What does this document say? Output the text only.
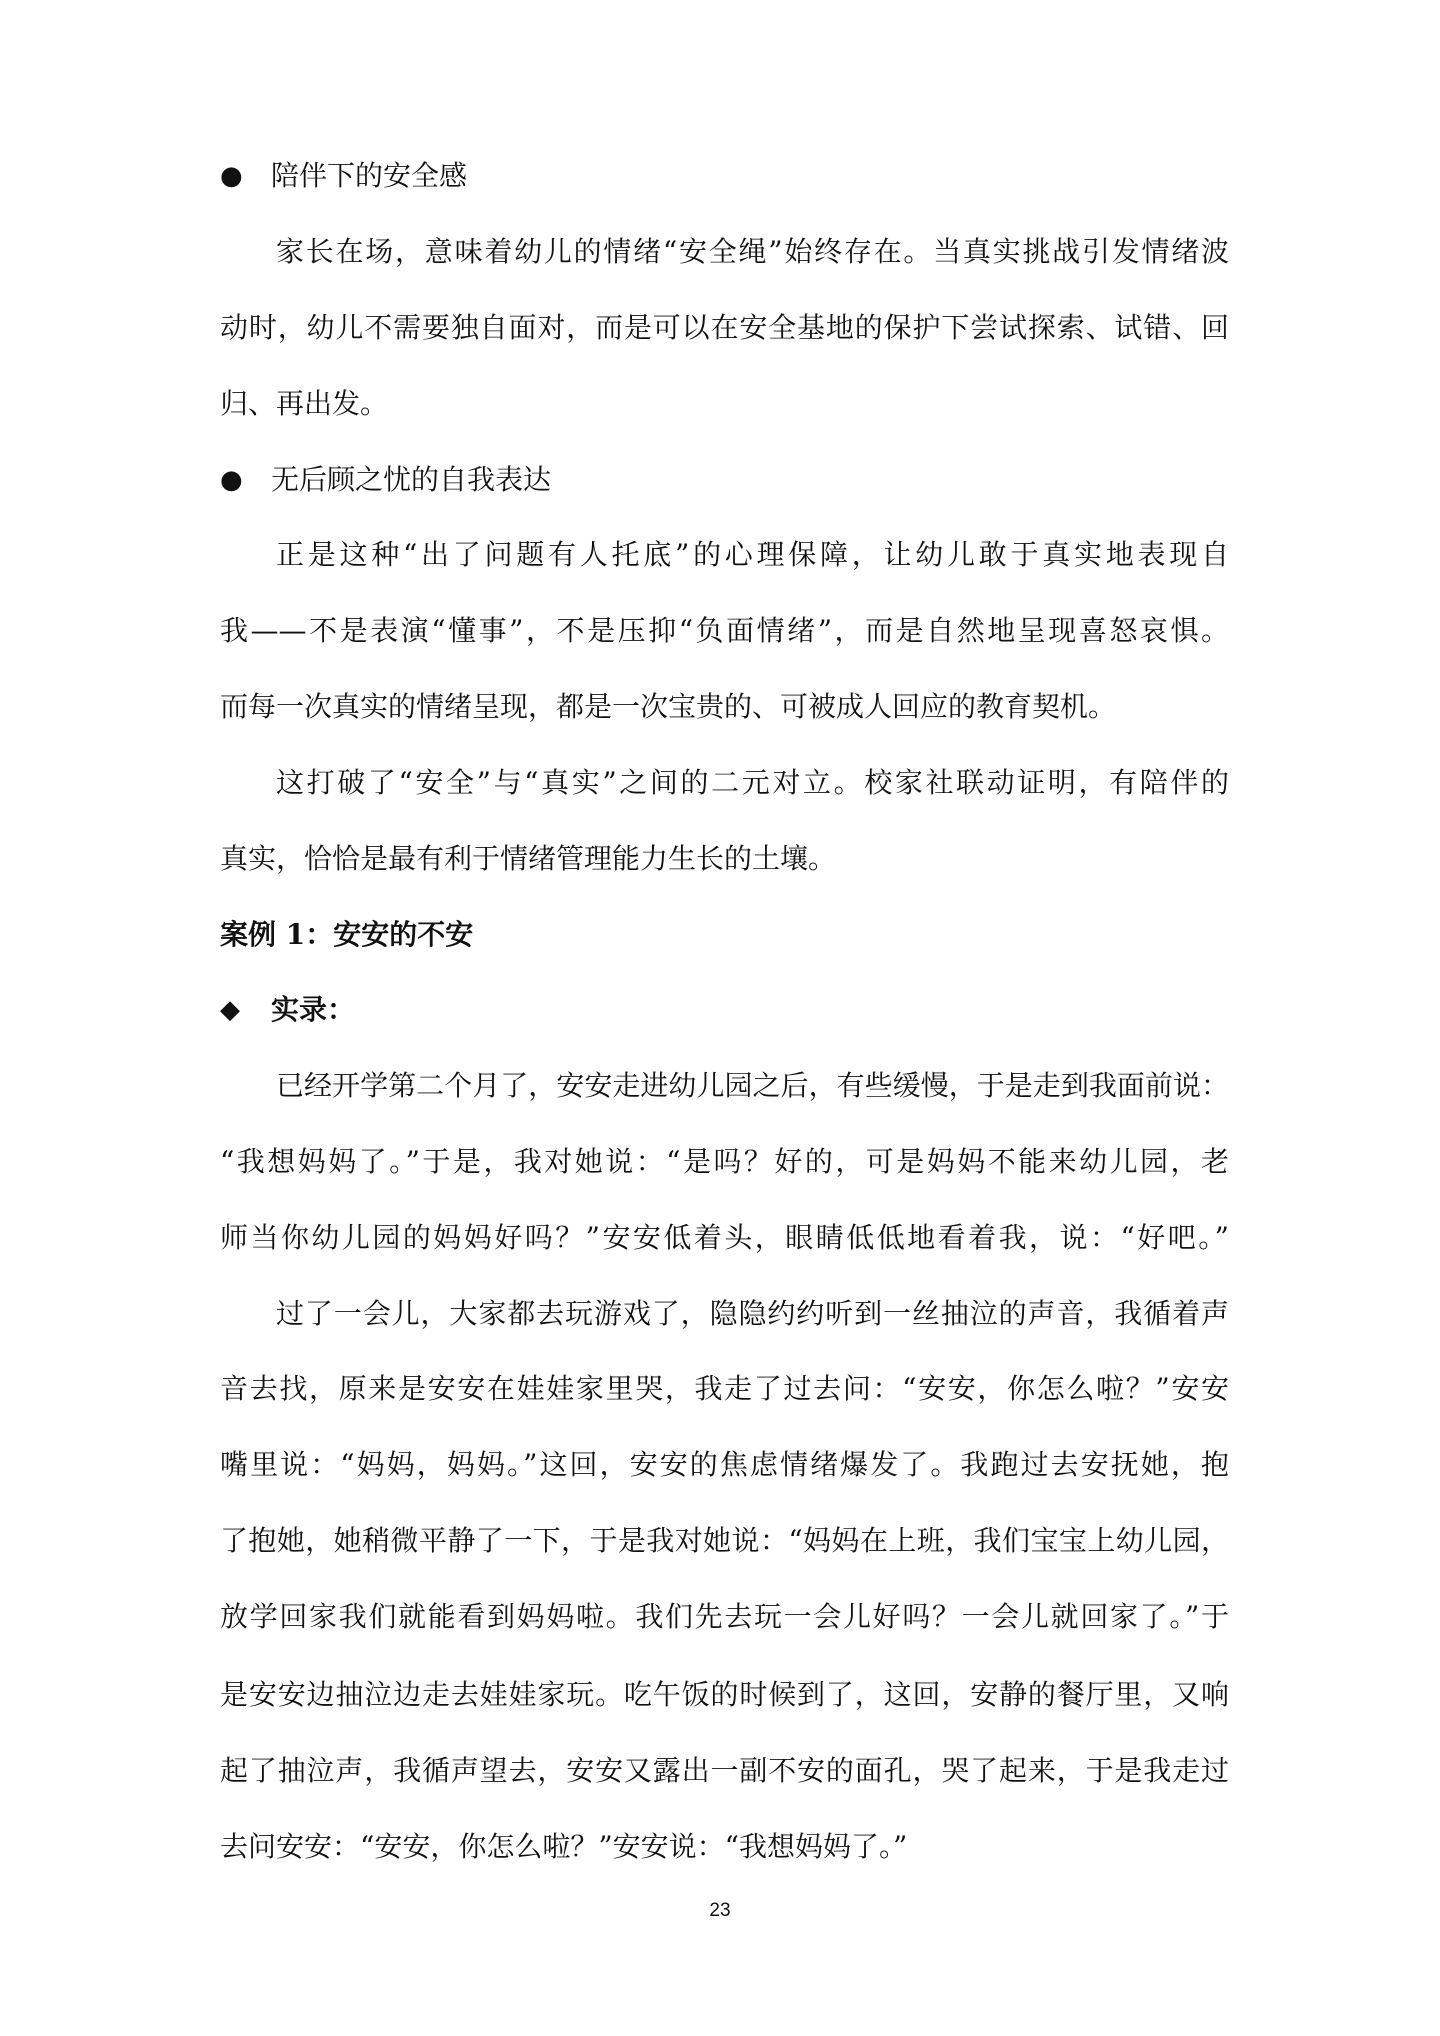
● 陪伴下的安全感
家长在场，意味着幼儿的情绪“安全绳”始终存在。当真实挑战引发情绪波
动时，幼儿不需要独自面对，而是可以在安全基地的保护下尝试探索、试错、回
归、再出发。
● 无后顾之忧的自我表达
正是这种“出了问题有人托底”的心理保障，让幼儿敢于真实地表现自
我——不是表演“懂事”，不是压抑“负面情绪”，而是自然地呈现喜怒哀惧。
而每一次真实的情绪呈现，都是一次宝贵的、可被成人回应的教育契机。
这打破了“安全”与“真实”之间的二元对立。校家社联动证明，有陪伴的
真实，恰恰是最有利于情绪管理能力生长的土壤。
案例 1：安安的不安
◆ 实录：
已经开学第二个月了，安安走进幼儿园之后，有些缓慢，于是走到我面前说：
“我想妈妈了。”于是，我对她说：“是吗？好的，可是妈妈不能来幼儿园，老
师当你幼儿园的妈妈好吗？”安安低着头，眼睛低低地看着我，说：“好吧。”
过了一会儿，大家都去玩游戏了，隐隐约约听到一丝抽泣的声音，我循着声
音去找，原来是安安在娃娃家里哭，我走了过去问：“安安，你怎么啦？”安安
嘴里说：“妈妈，妈妈。”这回，安安的焦虑情绪爆发了。我跑过去安抚她，抱
了抱她，她稍微平静了一下，于是我对她说：“妈妈在上班，我们宝宝上幼儿园，
放学回家我们就能看到妈妈啦。我们先去玩一会儿好吗？一会儿就回家了。”于
是安安边抽泣边走去娃娃家玩。吃午饭的时候到了，这回，安静的餐厅里，又响
起了抽泣声，我循声望去，安安又露出一副不安的面孔，哭了起来，于是我走过
去问安安：“安安，你怎么啦？”安安说：“我想妈妈了。”
23
